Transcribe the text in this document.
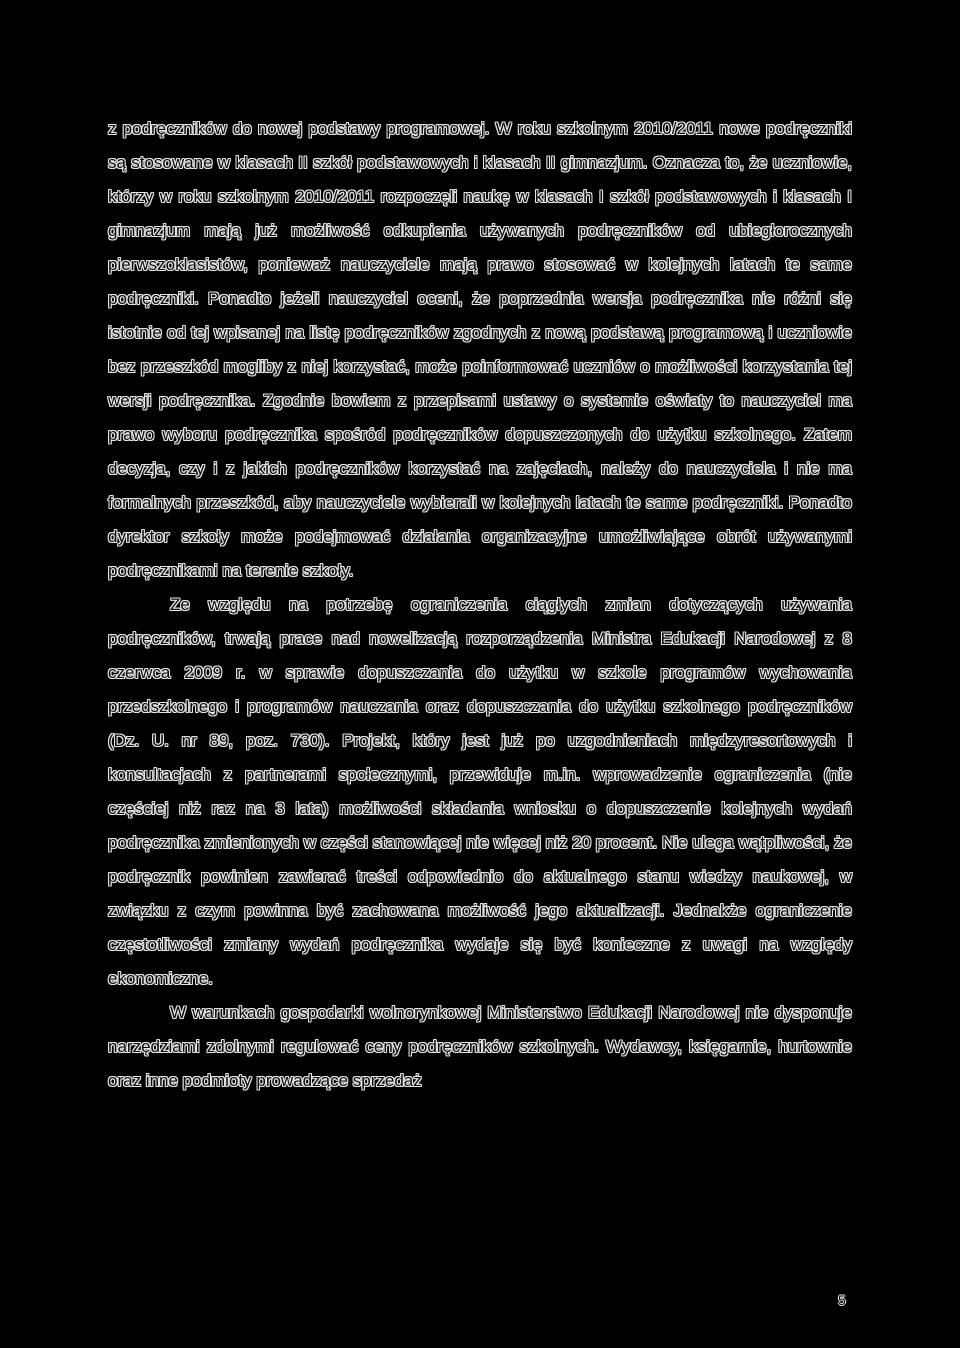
z podręczników do nowej podstawy programowej. W roku szkolnym 2010/2011 nowe podręczniki są stosowane w klasach II szkół podstawowych i klasach II gimnazjum. Oznacza to, że uczniowie, którzy w roku szkolnym 2010/2011 rozpoczęli naukę w klasach I szkół podstawowych i klasach I gimnazjum mają już możliwość odkupienia używanych podręczników od ubiegłorocznych pierwszoklasistów, ponieważ nauczyciele mają prawo stosować w kolejnych latach te same podręczniki. Ponadto jeżeli nauczyciel oceni, że poprzednia wersja podręcznika nie różni się istotnie od tej wpisanej na listę podręczników zgodnych z nową podstawą programową i uczniowie bez przeszkód mogliby z niej korzystać, może poinformować uczniów o możliwości korzystania tej wersji podręcznika. Zgodnie bowiem z przepisami ustawy o systemie oświaty to nauczyciel ma prawo wyboru podręcznika spośród podręczników dopuszczonych do użytku szkolnego. Zatem decyzja, czy i z jakich podręczników korzystać na zajęciach, należy do nauczyciela i nie ma formalnych przeszkód, aby nauczyciele wybierali w kolejnych latach te same podręczniki. Ponadto dyrektor szkoły może podejmować działania organizacyjne umożliwiające obrót używanymi podręcznikami na terenie szkoły.

Ze względu na potrzebę ograniczenia ciągłych zmian dotyczących używania podręczników, trwają prace nad nowelizacją rozporządzenia Ministra Edukacji Narodowej z 8 czerwca 2009 r. w sprawie dopuszczania do użytku w szkole programów wychowania przedszkolnego i programów nauczania oraz dopuszczania do użytku szkolnego podręczników (Dz. U. nr 89, poz. 730). Projekt, który jest już po uzgodnieniach międzyresortowych i konsultacjach z partnerami społecznymi, przewiduje m.in. wprowadzenie ograniczenia (nie częściej niż raz na 3 lata) możliwości składania wniosku o dopuszczenie kolejnych wydań podręcznika zmienionych w części stanowiącej nie więcej niż 20 procent. Nie ulega wątpliwości, że podręcznik powinien zawierać treści odpowiednio do aktualnego stanu wiedzy naukowej, w związku z czym powinna być zachowana możliwość jego aktualizacji. Jednakże ograniczenie częstotliwości zmiany wydań podręcznika wydaje się być konieczne z uwagi na względy ekonomiczne.

W warunkach gospodarki wolnorynkowej Ministerstwo Edukacji Narodowej nie dysponuje narzędziami zdolnymi regulować ceny podręczników szkolnych. Wydawcy, księgarnie, hurtownie oraz inne podmioty prowadzące sprzedaż

5
